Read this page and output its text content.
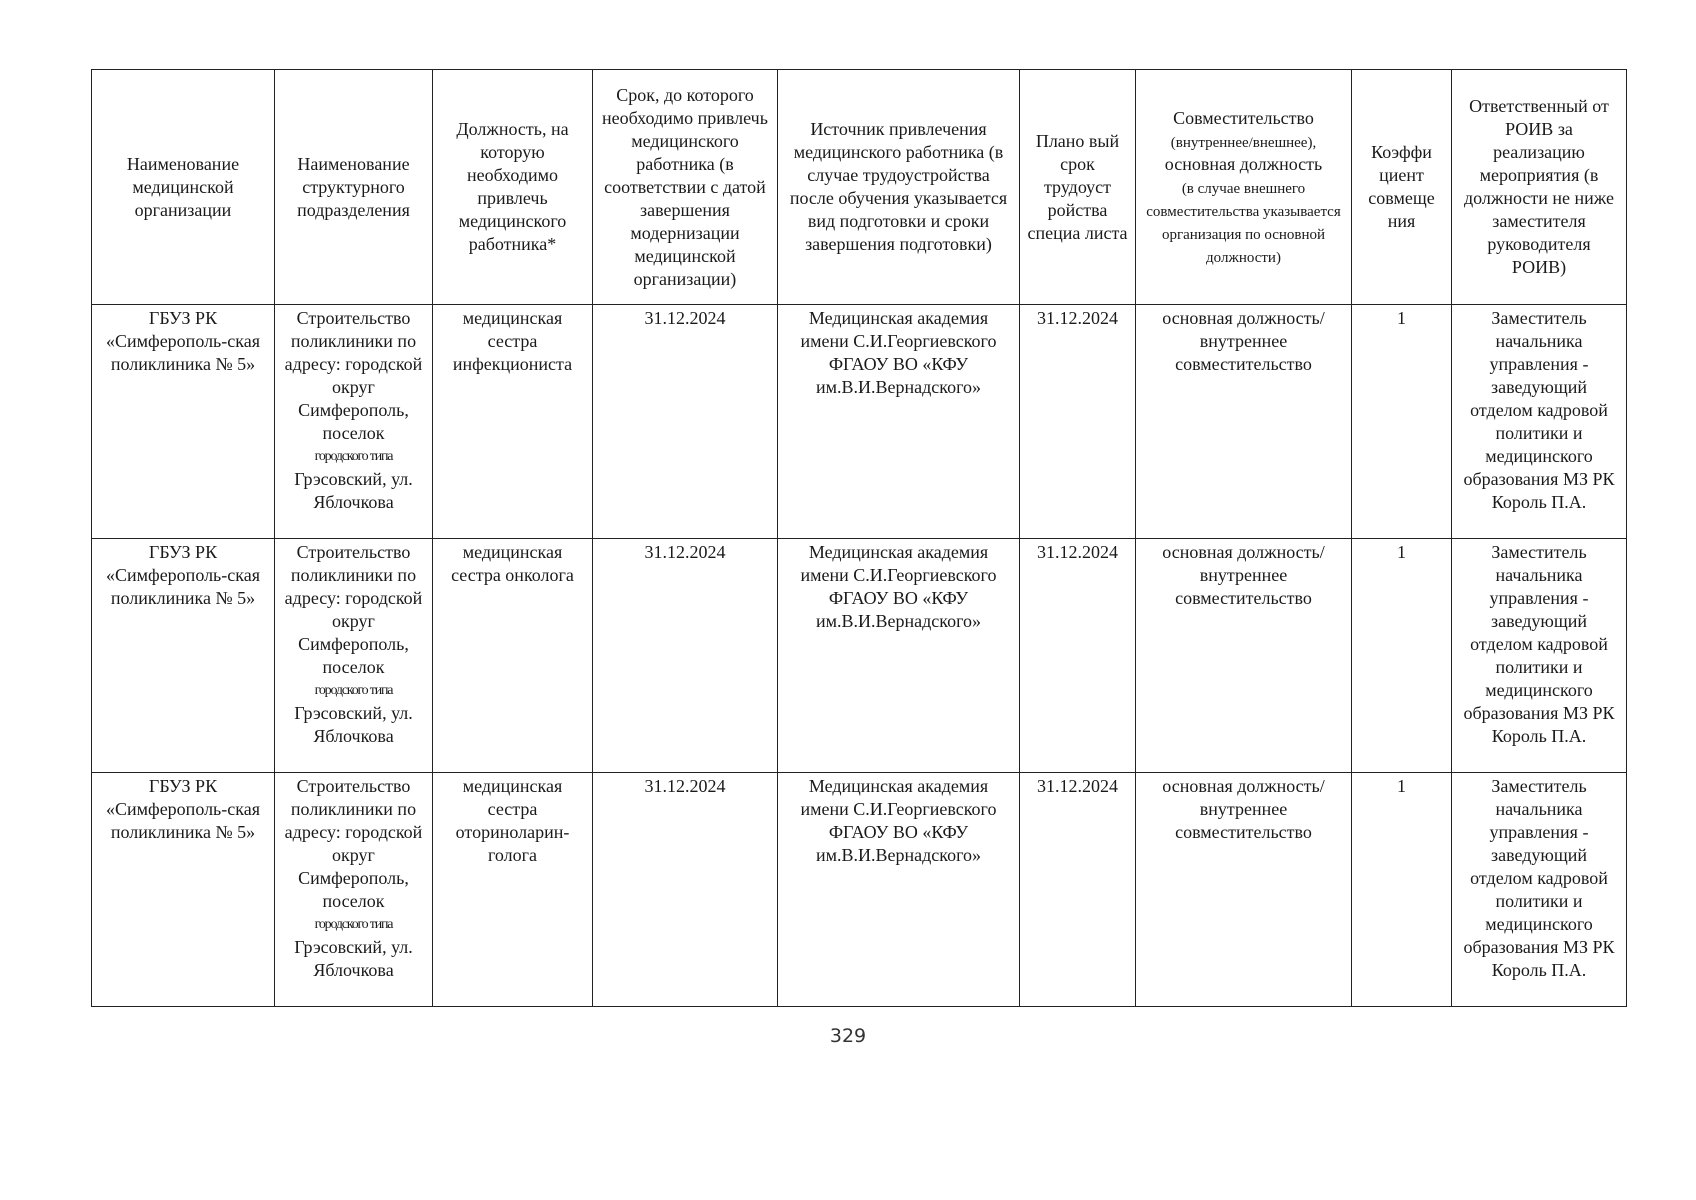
Наименование медицинской организации	Наименование структурного подразделения	Должность, на которую необходимо привлечь медицинского работника*	Срок, до которого необходимо привлечь медицинского работника (в соответствии с датой завершения модернизации медицинской организации)	Источник привлечения медицинского работника (в случае трудоустройства после обучения указывается вид подготовки и сроки завершения подготовки)	Плано вый срок трудоуст ройства специа листа	Совместительство
(внутреннее/внешнее),
основная должность
(в случае внешнего совместительства указывается организация по основной должности)	Коэффи циент совмеще ния	Ответственный от РОИВ за реализацию мероприятия (в должности не ниже заместителя руководителя РОИВ)
ГБУЗ РК «Симферополь-ская поликлиника № 5»	Строительство поликлиники по адресу: городской округ Симферополь, поселок
городского типа
Грэсовский, ул. Яблочкова	медицинская сестра инфекциониста	31.12.2024	Медицинская академия имени С.И.Георгиевского ФГАОУ ВО «КФУ им.В.И.Вернадского»	31.12.2024	основная должность/ внутреннее совместительство	1	Заместитель начальника управления - заведующий отделом кадровой политики и медицинского образования МЗ РК Король П.А.
ГБУЗ РК «Симферополь-ская поликлиника № 5»	Строительство поликлиники по адресу: городской округ Симферополь, поселок
городского типа
Грэсовский, ул. Яблочкова	медицинская сестра онколога	31.12.2024	Медицинская академия имени С.И.Георгиевского ФГАОУ ВО «КФУ им.В.И.Вернадского»	31.12.2024	основная должность/ внутреннее совместительство	1	Заместитель начальника управления - заведующий отделом кадровой политики и медицинского образования МЗ РК Король П.А.
ГБУЗ РК «Симферополь-ская поликлиника № 5»	Строительство поликлиники по адресу: городской округ Симферополь, поселок
городского типа
Грэсовский, ул. Яблочкова	медицинская сестра оториноларин-голога	31.12.2024	Медицинская академия имени С.И.Георгиевского ФГАОУ ВО «КФУ им.В.И.Вернадского»	31.12.2024	основная должность/ внутреннее совместительство	1	Заместитель начальника управления - заведующий отделом кадровой политики и медицинского образования МЗ РК Король П.А.
329
